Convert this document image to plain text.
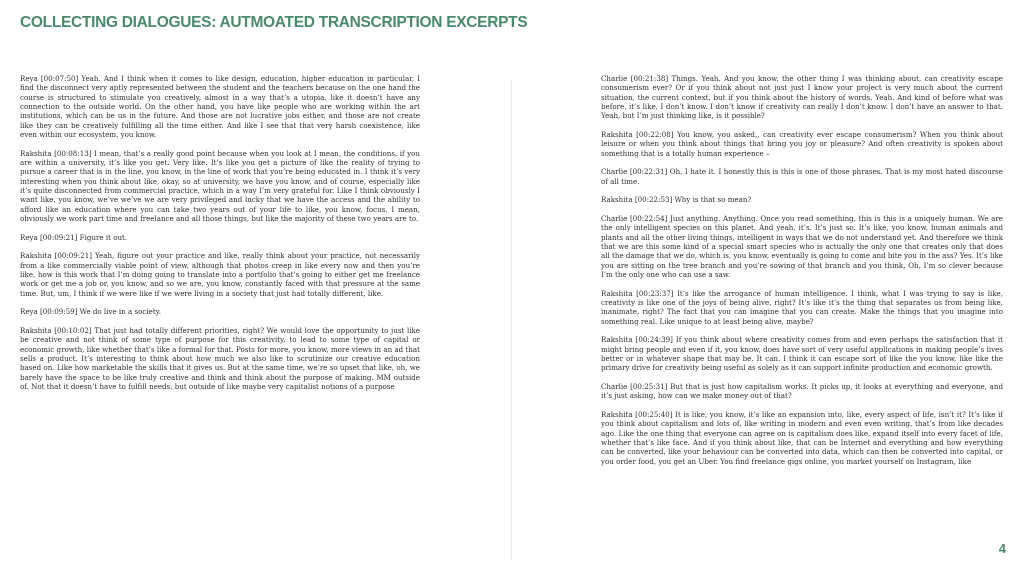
COLLECTING DIALOGUES: AUTMOATED TRANSCRIPTION EXCERPTS

Reya [00:07:50] Yeah. And I think when it comes to like design, education, higher education in particular, I find the disconnect very aptly represented between the student and the teachers because on the one hand the course is structured to stimulate you creatively, almost in a way that’s a utopia, like it doesn’t have any connection to the outside world. On the other hand, you have like people who are working within the art institutions, which can be us in the future. And those are not lucrative jobs either, and those are not create like they can be creatively fulfilling all the time either. And like I see that that very harsh coexistence, like even within our ecosystem, you know.

Rakshita [00:08:13] I mean, that’s a really good point because when you look at I mean, the conditions, if you are within a university, it’s like you get. Very like. It’s like you get a picture of like the reality of trying to pursue a career that is in the line, you know, in the line of work that you’re being educated in. I think it’s very interesting when you think about like, okay, so at university, we have you know, and of course, especially like it’s quite disconnected from commercial practice, which in a way I’m very grateful for. Like I think obviously I want like, you know, we’ve we’ve we are very privileged and lucky that we have the access and the ability to afford like an education where you can take two years out of your life to like, you know, focus. I mean, obviously we work part time and freelance and all those things, but like the majority of these two years are to.

Reya [00:09:21] Figure it out.

Rakshita [00:09:21] Yeah, figure out your practice and like, really think about your practice, not necessarily from a like commercially viable point of view, although that photos creep in like every now and then you’re like, how is this work that I’m doing going to translate into a portfolio that’s going to either get me freelance work or get me a job or, you know, and so we are, you know, constantly faced with that pressure at the same time. But, um, I think if we were like if we were living in a society that just had totally different, like.

Reya [00:09:59] We do live in a society.

Rakshita [00:10:02] That just had totally different priorities, right? We would love the opportunity to just like be creative and not think of some type of purpose for this creativity, to lead to some type of capital or economic growth, like whether that’s like a formal for that. Posts for more, you know, more views in an ad that sells a product. It’s interesting to think about how much we also like to scrutinize our creative education based on. Like how marketable the skills that it gives us. But at the same time, we’re so upset that like, oh, we barely have the space to be like truly creative and think and think about the purpose of making. MM outside of. Not that it doesn’t have to fulfill needs, but outside of like maybe very capitalist notions of a purpose

Charlie [00:21:38] Things. Yeah. And you know, the other thing I was thinking about, can creativity escape consumerism ever? Or if you think about not just just I know your project is very much about the current situation, the current context, but if you think about the history of words. Yeah. And kind of before what was before, it’s like, I don’t know. I don’t know if creativity can really I don’t know. I don’t have an answer to that. Yeah, but I’m just thinking like, is it possible?

Rakshita [00:22:08] You know, you asked,, can creativity ever escape consumerism? When you think about leisure or when you think about things that bring you joy or pleasure? And often creativity is spoken about something that is a totally human experience –

Charlie [00:22:31] Oh, I hate it. I honestly this is this is one of those phrases. That is my most hated discourse of all time.

Rakshita [00:22:53] Why is that so mean?

Charlie [00:22:54] Just anything. Anything. Once you read something, this is this is a uniquely human. We are the only intelligent species on this planet. And yeah, it’s. It’s just so. It’s like, you know, human animals and plants and all the other living things, intelligent in ways that we do not understand yet. And therefore we think that we are this some kind of a special smart species who is actually the only one that creates only that does all the damage that we do, which is, you know, eventually is going to come and bite you in the ass? Yes. It’s like you are sitting on the tree branch and you’re sowing of that branch and you think, Oh, I’m so clever because I’m the only one who can use a saw.

Rakshita [00:23:37] It’s like the arrogance of human intelligence. I think, what I was trying to say is like, creativity is like one of the joys of being alive, right? It’s like it’s the thing that separates us from being like, inanimate, right? The fact that you can imagine that you can create. Make the things that you imagine into something real. Like unique to at least being alive, maybe?

Rakshita [00:24:39] If you think about where creativity comes from and even perhaps the satisfaction that it might bring people and even if it, you know, does have sort of very useful applications in making people’s lives better or in whatever shape that may be. It can. I think it can escape sort of like the you know, like like the primary drive for creativity being useful as solely as it can support infinite production and economic growth.

Charlie [00:25:31] But that is just how capitalism works. It picks up, it looks at everything and everyone, and it’s just asking, how can we make money out of that?

Rakshita [00:25:40] It is like, you know, it’s like an expansion into, like, every aspect of life, isn’t it? It’s like if you think about capitalism and lots of, like writing in modern and even even writing, that’s from like decades ago. Like the one thing that everyone can agree on is capitalism does like, expand itself into every facet of life, whether that’s like face. And if you think about like, that can be Internet and everything and how everything can be converted, like your behaviour can be converted into data, which can then be converted into capital, or you order food, you get an Uber. You find freelance gigs online, you market yourself on Instagram, like

4
